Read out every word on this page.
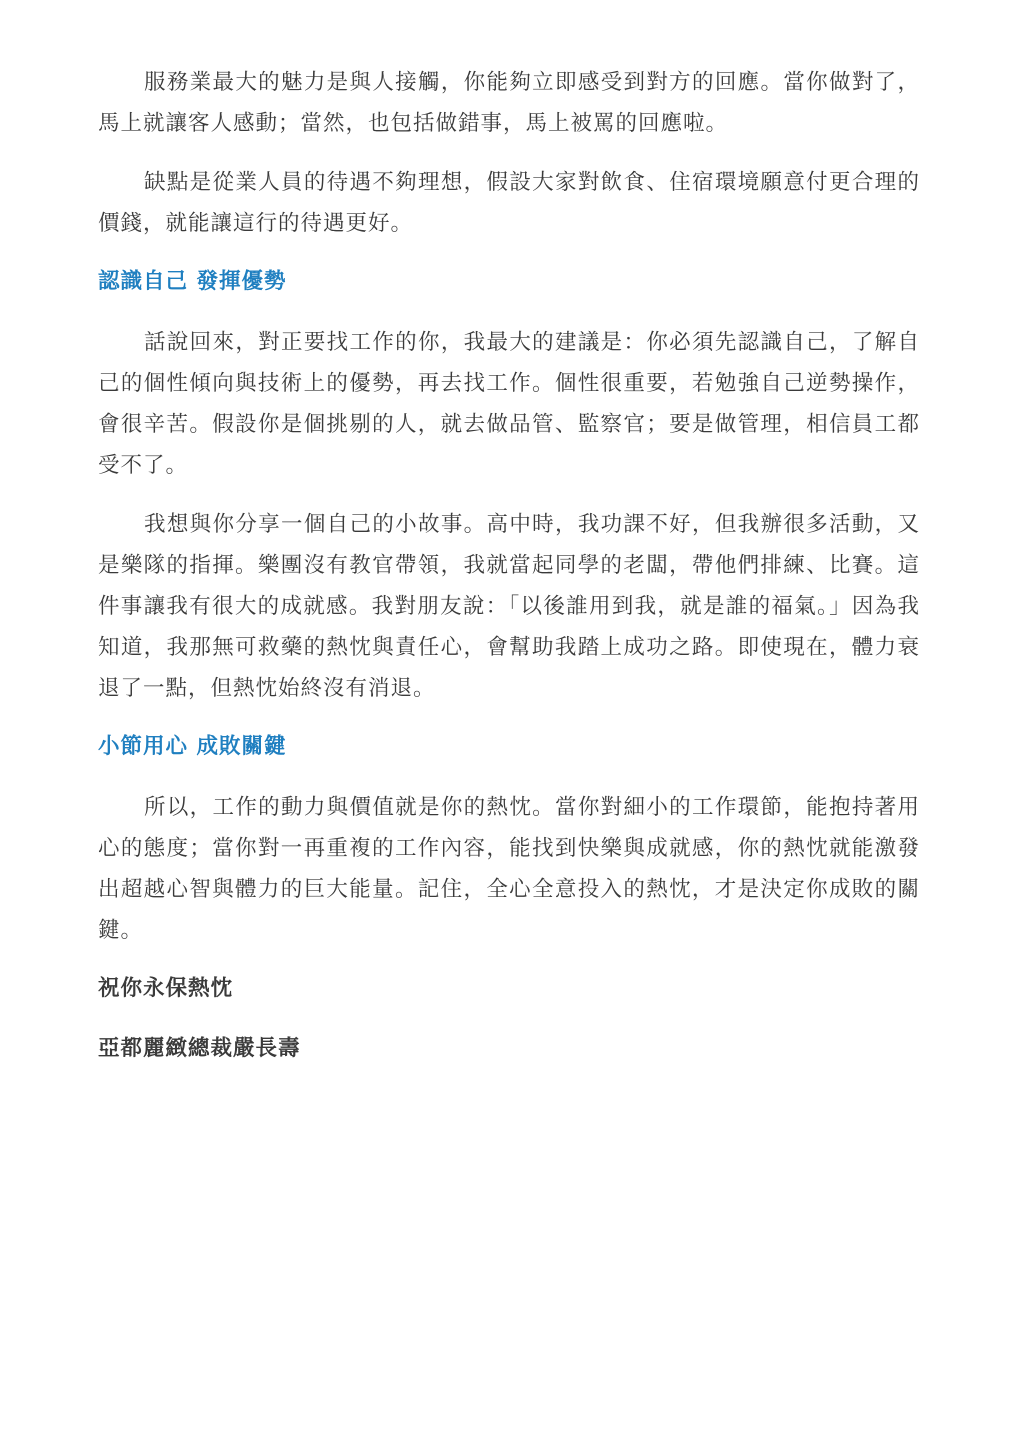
服務業最大的魅力是與人接觸，你能夠立即感受到對方的回應。當你做對了，馬上就讓客人感動；當然，也包括做錯事，馬上被罵的回應啦。

缺點是從業人員的待遇不夠理想，假設大家對飲食、住宿環境願意付更合理的價錢，就能讓這行的待遇更好。

認識自己 發揮優勢

話說回來，對正要找工作的你，我最大的建議是：你必須先認識自己，了解自己的個性傾向與技術上的優勢，再去找工作。個性很重要，若勉強自己逆勢操作，會很辛苦。假設你是個挑剔的人，就去做品管、監察官；要是做管理，相信員工都受不了。

我想與你分享一個自己的小故事。高中時，我功課不好，但我辦很多活動，又是樂隊的指揮。樂團沒有教官帶領，我就當起同學的老闆，帶他們排練、比賽。這件事讓我有很大的成就感。我對朋友說：「以後誰用到我，就是誰的福氣。」因為我知道，我那無可救藥的熱忱與責任心，會幫助我踏上成功之路。即使現在，體力衰退了一點，但熱忱始終沒有消退。

小節用心 成敗關鍵

所以，工作的動力與價值就是你的熱忱。當你對細小的工作環節，能抱持著用心的態度；當你對一再重複的工作內容，能找到快樂與成就感，你的熱忱就能激發出超越心智與體力的巨大能量。記住，全心全意投入的熱忱，才是決定你成敗的關鍵。

祝你永保熱忱

亞都麗緻總裁嚴長壽
